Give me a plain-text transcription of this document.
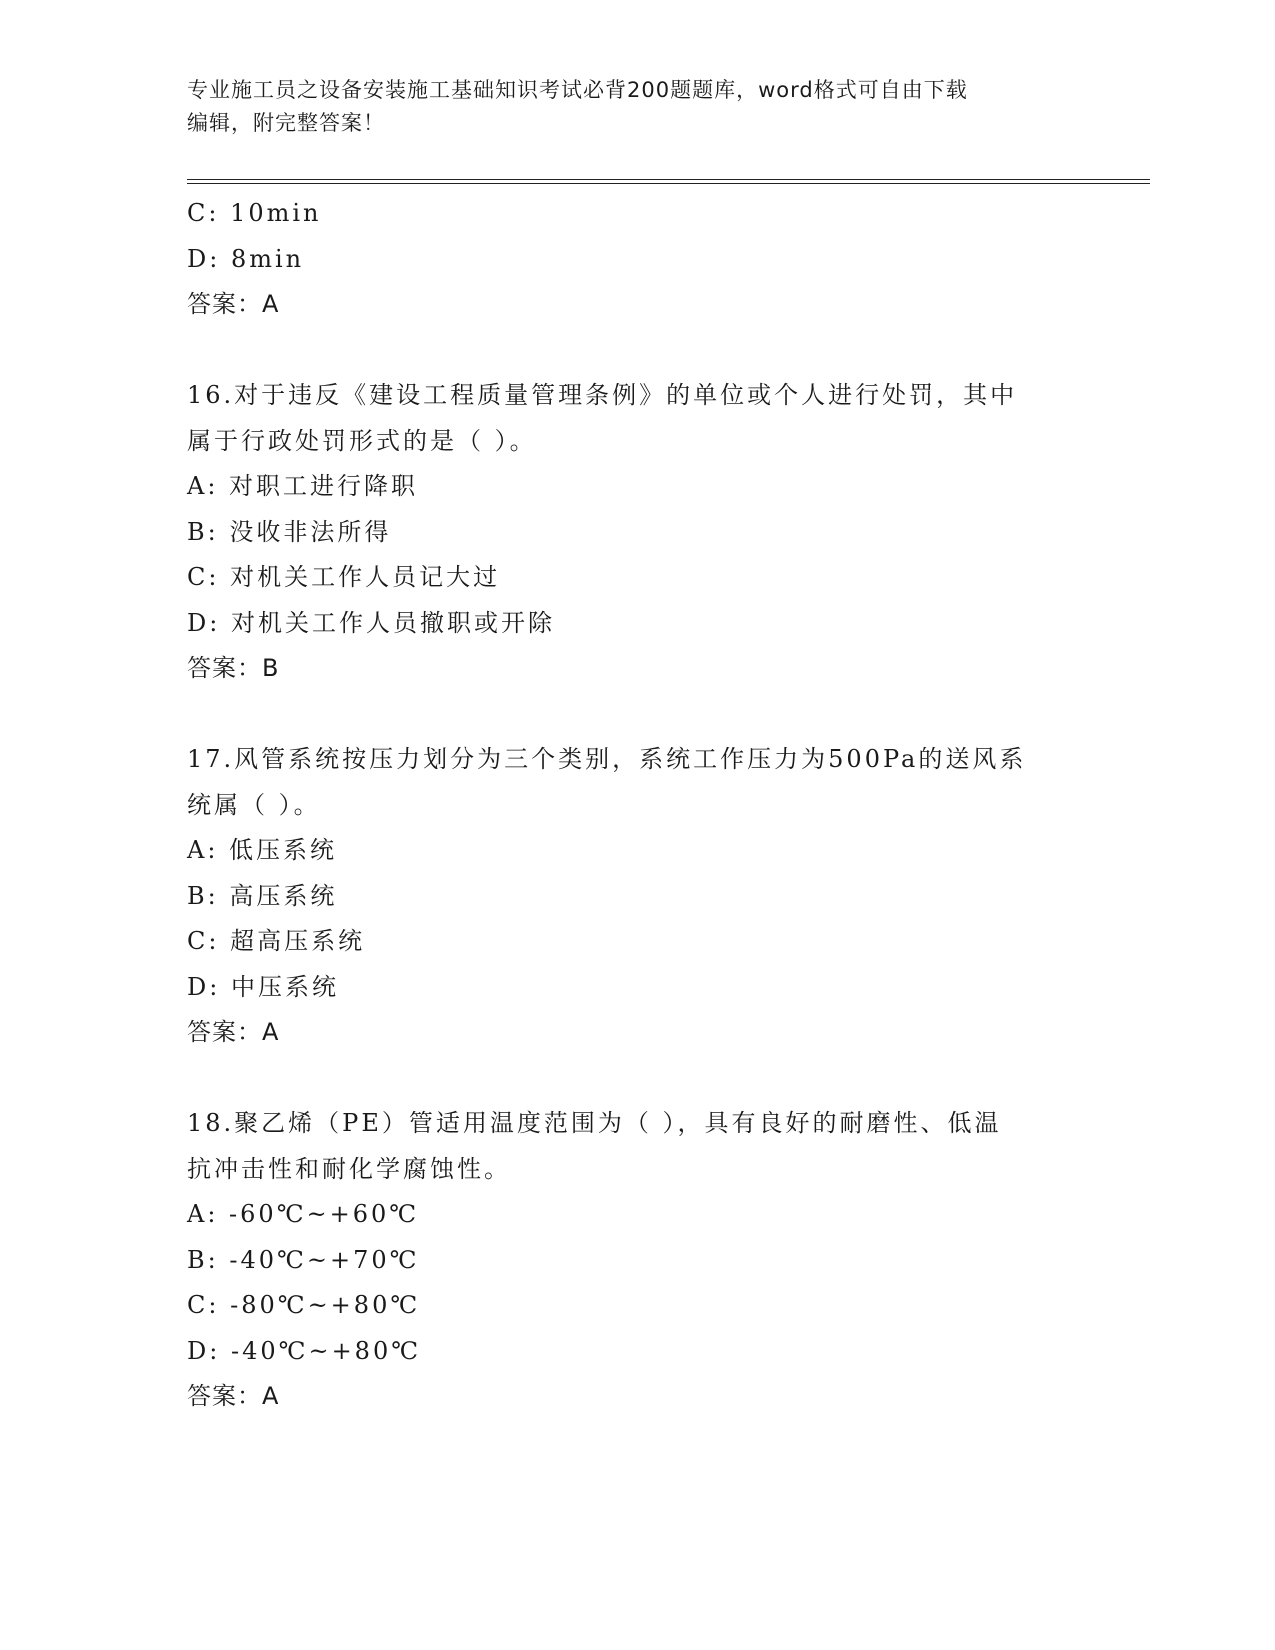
专业施工员之设备安装施工基础知识考试必背200题题库，word格式可自由下载
编辑，附完整答案！
C: 10min
D: 8min
答案：A
16.对于违反《建设工程质量管理条例》的单位或个人进行处罚，其中
属于行政处罚形式的是（ ）。
A: 对职工进行降职
B: 没收非法所得
C: 对机关工作人员记大过
D: 对机关工作人员撤职或开除
答案：B
17.风管系统按压力划分为三个类别，系统工作压力为500Pa的送风系
统属（ ）。
A: 低压系统
B: 高压系统
C: 超高压系统
D: 中压系统
答案：A
18.聚乙烯（PE）管适用温度范围为（ ），具有良好的耐磨性、低温
抗冲击性和耐化学腐蚀性。
A: -60℃~+60℃
B: -40℃~+70℃
C: -80℃~+80℃
D: -40℃~+80℃
答案：A
